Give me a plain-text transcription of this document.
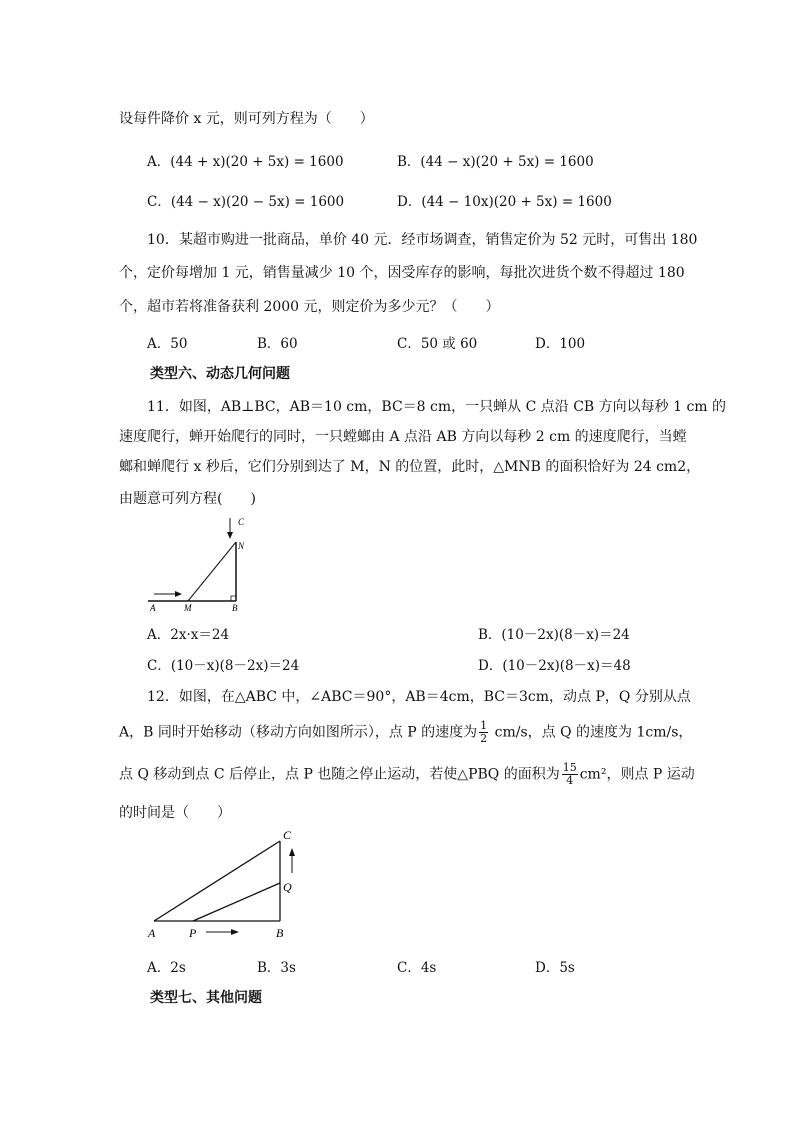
设每件降价 x 元，则可列方程为（　　）
A．(44 + x)(20 + 5x) = 1600	B．(44 − x)(20 + 5x) = 1600
C．(44 − x)(20 − 5x) = 1600	D．(44 − 10x)(20 + 5x) = 1600
10．某超市购进一批商品，单价 40 元．经市场调查，销售定价为 52 元时，可售出 180
个，定价每增加 1 元，销售量减少 10 个，因受库存的影响，每批次进货个数不得超过 180
个，超市若将准备获利 2000 元，则定价为多少元？（　　）
A．50	B．60	C．50 或 60	D．100
类型六、动态几何问题
11．如图，AB⊥BC，AB＝10 cm，BC＝8 cm，一只蝉从 C 点沿 CB 方向以每秒 1 cm 的
速度爬行，蝉开始爬行的同时，一只螳螂由 A 点沿 AB 方向以每秒 2 cm 的速度爬行，当螳
螂和蝉爬行 x 秒后，它们分别到达了 M，N 的位置，此时，△MNB 的面积恰好为 24 cm2，
由题意可列方程(　　)
A	M	B
C
N
A．2x·x＝24	B．(10－2x)(8－x)＝24
C．(10－x)(8－2x)＝24	D．(10－2x)(8－x)＝48
12．如图，在△ABC 中，∠ABC＝90°，AB＝4cm，BC＝3cm，动点 P，Q 分别从点
A，B 同时开始移动（移动方向如图所示），点 P 的速度为 $\frac{1}{2} cm/s$，点 Q 的速度为 1cm/s，
点 Q 移动到点 C 后停止，点 P 也随之停止运动，若使△PBQ 的面积为 $\frac{15}{4} cm^2$，则点 P 运动
的时间是（　　）
A	P	B
C
Q
A．2s	B．3s	C．4s	D．5s
类型七、其他问题
